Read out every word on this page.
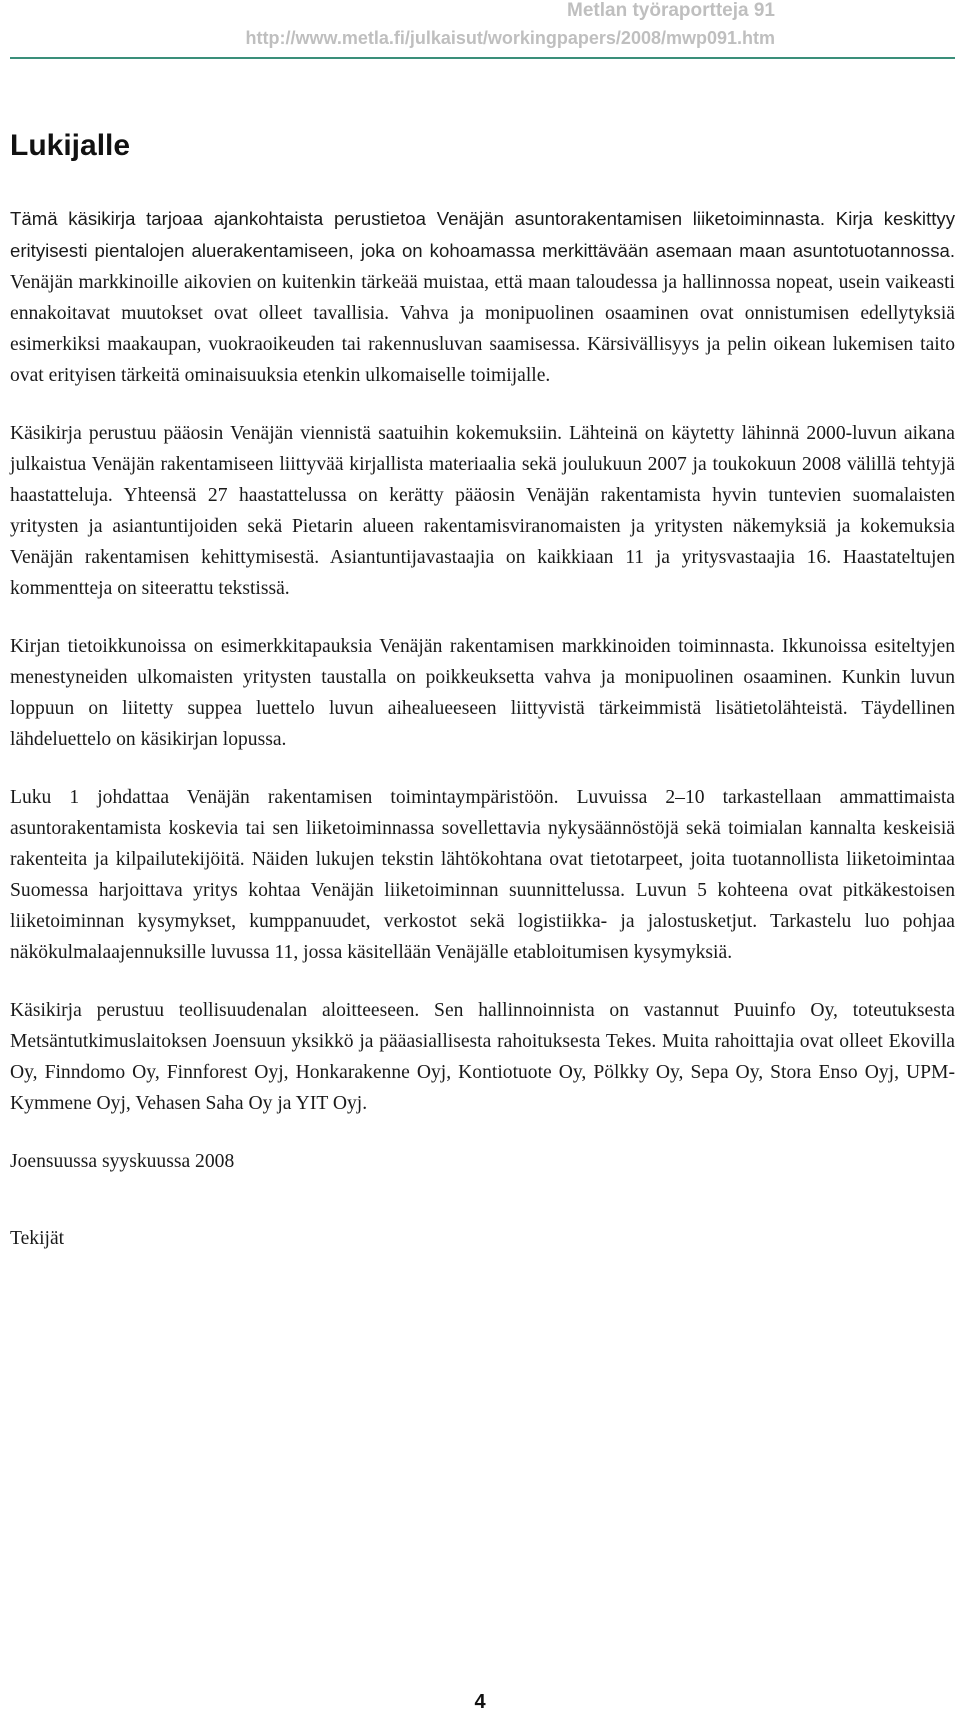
Metlan työraportteja 91
http://www.metla.fi/julkaisut/workingpapers/2008/mwp091.htm
Lukijalle

Tämä käsikirja tarjoaa ajankohtaista perustietoa Venäjän asuntorakentamisen liiketoiminnasta. Kirja keskittyy erityisesti pientalojen aluerakentamiseen, joka on kohoamassa merkittävään asemaan maan asuntotuotannossa. Venäjän markkinoille aikovien on kuitenkin tärkeää muistaa, että maan taloudessa ja hallinnossa nopeat, usein vaikeasti ennakoitavat muutokset ovat olleet tavallisia. Vahva ja monipuolinen osaaminen ovat onnistumisen edellytyksiä esimerkiksi maakaupan, vuokraoikeuden tai rakennusluvan saamisessa. Kärsivällisyys ja pelin oikean lukemisen taito ovat erityisen tärkeitä ominaisuuksia etenkin ulkomaiselle toimijalle.

Käsikirja perustuu pääosin Venäjän viennistä saatuihin kokemuksiin. Lähteinä on käytetty lähinnä 2000-luvun aikana julkaistua Venäjän rakentamiseen liittyvää kirjallista materiaalia sekä joulukuun 2007 ja toukokuun 2008 välillä tehtyjä haastatteluja. Yhteensä 27 haastattelussa on kerätty pääosin Venäjän rakentamista hyvin tuntevien suomalaisten yritysten ja asiantuntijoiden sekä Pietarin alueen rakentamisviranomaisten ja yritysten näkemyksiä ja kokemuksia Venäjän rakentamisen kehittymisestä. Asiantuntijavastaajia on kaikkiaan 11 ja yritysvastaajia 16. Haastateltujen kommentteja on siteerattu tekstissä.

Kirjan tietoikkunoissa on esimerkkitapauksia Venäjän rakentamisen markkinoiden toiminnasta. Ikkunoissa esiteltyjen menestyneiden ulkomaisten yritysten taustalla on poikkeuksetta vahva ja monipuolinen osaaminen. Kunkin luvun loppuun on liitetty suppea luettelo luvun aihealueeseen liittyvistä tärkeimmistä lisätietolähteistä. Täydellinen lähdeluettelo on käsikirjan lopussa.

Luku 1 johdattaa Venäjän rakentamisen toimintaympäristöön. Luvuissa 2–10 tarkastellaan ammattimaista asuntorakentamista koskevia tai sen liiketoiminnassa sovellettavia nykysäännöstöjä sekä toimialan kannalta keskeisiä rakenteita ja kilpailutekijöitä. Näiden lukujen tekstin lähtökohtana ovat tietotarpeet, joita tuotannollista liiketoimintaa Suomessa harjoittava yritys kohtaa Venäjän liiketoiminnan suunnittelussa. Luvun 5 kohteena ovat pitkäkestoisen liiketoiminnan kysymykset, kumppanuudet, verkostot sekä logistiikka- ja jalostusketjut. Tarkastelu luo pohjaa näkökulmalaajennuksille luvussa 11, jossa käsitellään Venäjälle etabloitumisen kysymyksiä.

Käsikirja perustuu teollisuudenalan aloitteeseen. Sen hallinnoinnista on vastannut Puuinfo Oy, toteutuksesta Metsäntutkimuslaitoksen Joensuun yksikkö ja pääasiallisesta rahoituksesta Tekes. Muita rahoittajia ovat olleet Ekovilla Oy, Finndomo Oy, Finnforest Oyj, Honkarakenne Oyj, Kontiotuote Oy, Pölkky Oy, Sepa Oy, Stora Enso Oyj, UPM-Kymmene Oyj, Vehasen Saha Oy ja YIT Oyj.

Joensuussa syyskuussa 2008

Tekijät

4
